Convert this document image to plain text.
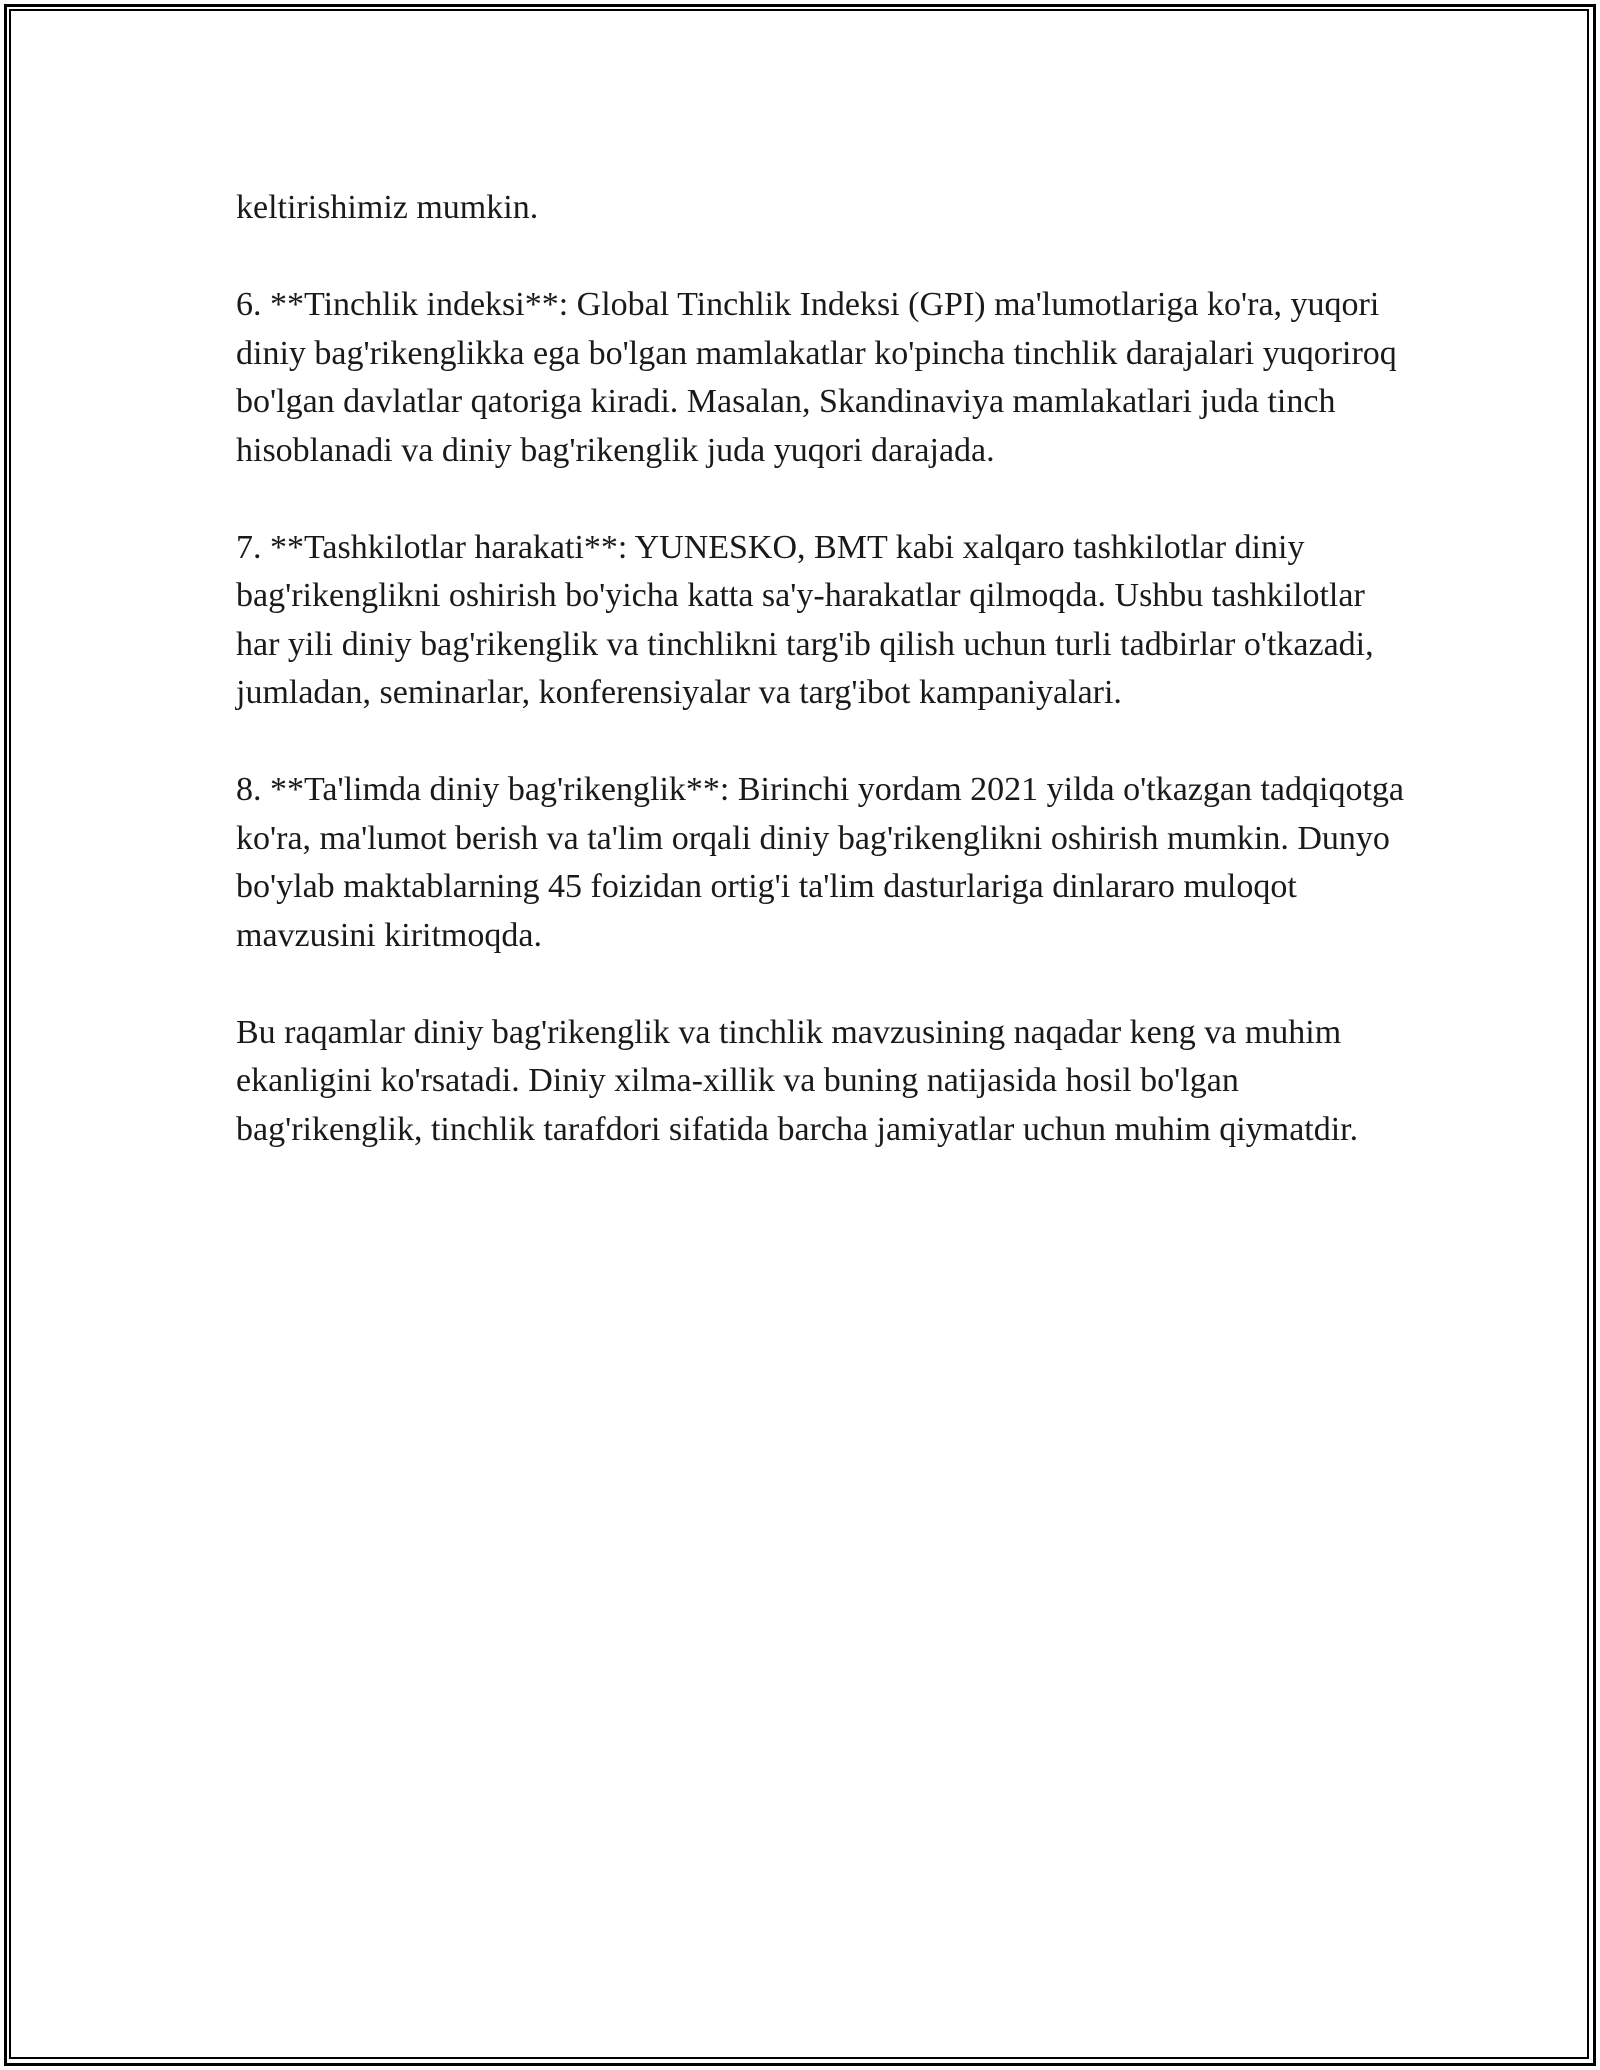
keltirishimiz mumkin.

6. **Tinchlik indeksi**: Global Tinchlik Indeksi (GPI) ma'lumotlariga ko'ra, yuqori diniy bag'rikenglikka ega bo'lgan mamlakatlar ko'pincha tinchlik darajalari yuqoriroq bo'lgan davlatlar qatoriga kiradi. Masalan, Skandinaviya mamlakatlari juda tinch hisoblanadi va diniy bag'rikenglik juda yuqori darajada.

7. **Tashkilotlar harakati**: YUNESKO, BMT kabi xalqaro tashkilotlar diniy bag'rikenglikni oshirish bo'yicha katta sa'y-harakatlar qilmoqda. Ushbu tashkilotlar har yili diniy bag'rikenglik va tinchlikni targ'ib qilish uchun turli tadbirlar o'tkazadi, jumladan, seminarlar, konferensiyalar va targ'ibot kampaniyalari.

8. **Ta'limda diniy bag'rikenglik**: Birinchi yordam 2021 yilda o'tkazgan tadqiqotga ko'ra, ma'lumot berish va ta'lim orqali diniy bag'rikenglikni oshirish mumkin. Dunyo bo'ylab maktablarning 45 foizidan ortig'i ta'lim dasturlariga dinlararo muloqot mavzusini kiritmoqda.

Bu raqamlar diniy bag'rikenglik va tinchlik mavzusining naqadar keng va muhim ekanligini ko'rsatadi. Diniy xilma-xillik va buning natijasida hosil bo'lgan bag'rikenglik, tinchlik tarafdori sifatida barcha jamiyatlar uchun muhim qiymatdir.
